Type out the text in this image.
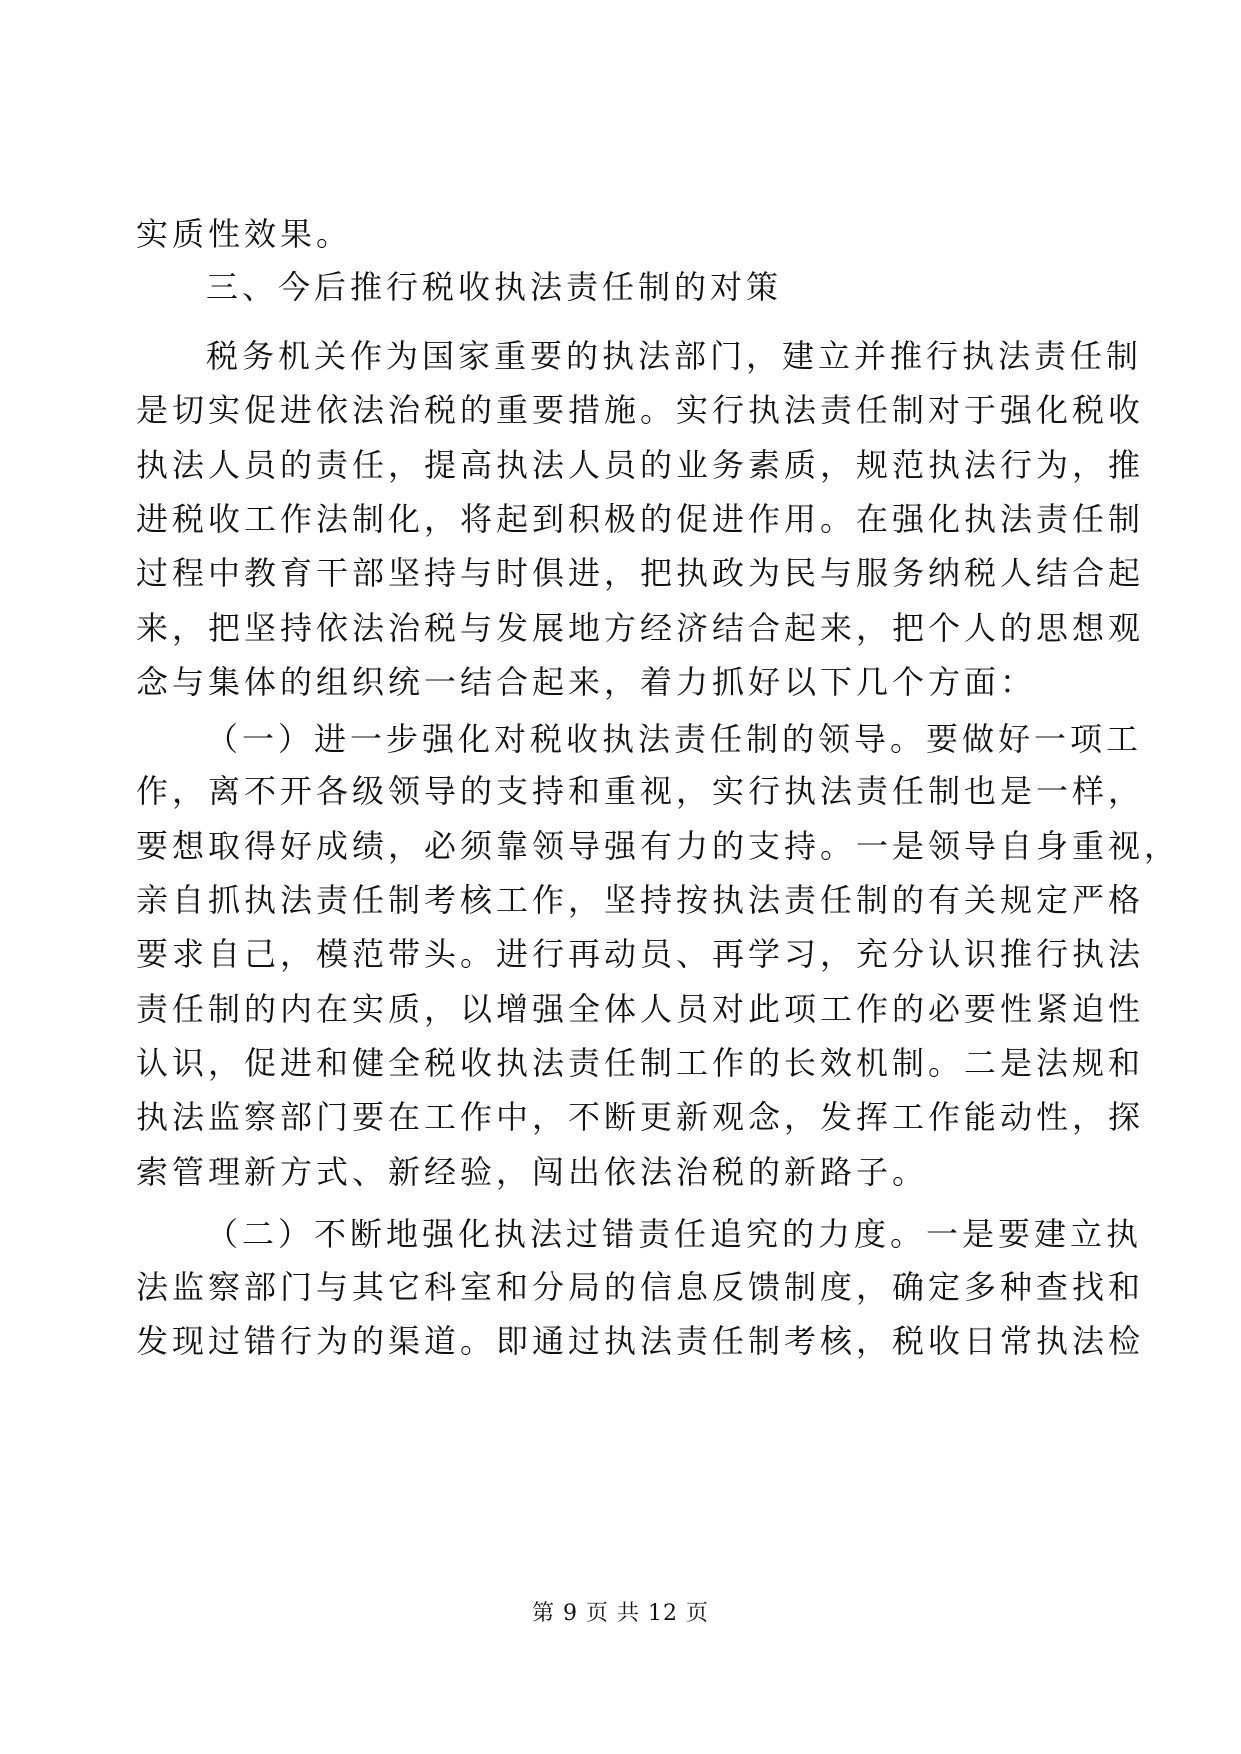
实质性效果。
三、今后推行税收执法责任制的对策
税务机关作为国家重要的执法部门，建立并推行执法责任制
是切实促进依法治税的重要措施。实行执法责任制对于强化税收
执法人员的责任，提高执法人员的业务素质，规范执法行为，推
进税收工作法制化，将起到积极的促进作用。在强化执法责任制
过程中教育干部坚持与时俱进，把执政为民与服务纳税人结合起
来，把坚持依法治税与发展地方经济结合起来，把个人的思想观
念与集体的组织统一结合起来，着力抓好以下几个方面：
（一）进一步强化对税收执法责任制的领导。要做好一项工
作，离不开各级领导的支持和重视，实行执法责任制也是一样，
要想取得好成绩，必须靠领导强有力的支持。一是领导自身重视，
亲自抓执法责任制考核工作，坚持按执法责任制的有关规定严格
要求自己，模范带头。进行再动员、再学习，充分认识推行执法
责任制的内在实质，以增强全体人员对此项工作的必要性紧迫性
认识，促进和健全税收执法责任制工作的长效机制。二是法规和
执法监察部门要在工作中，不断更新观念，发挥工作能动性，探
索管理新方式、新经验，闯出依法治税的新路子。
（二）不断地强化执法过错责任追究的力度。一是要建立执
法监察部门与其它科室和分局的信息反馈制度，确定多种查找和
发现过错行为的渠道。即通过执法责任制考核，税收日常执法检
第 9 页 共 12 页
